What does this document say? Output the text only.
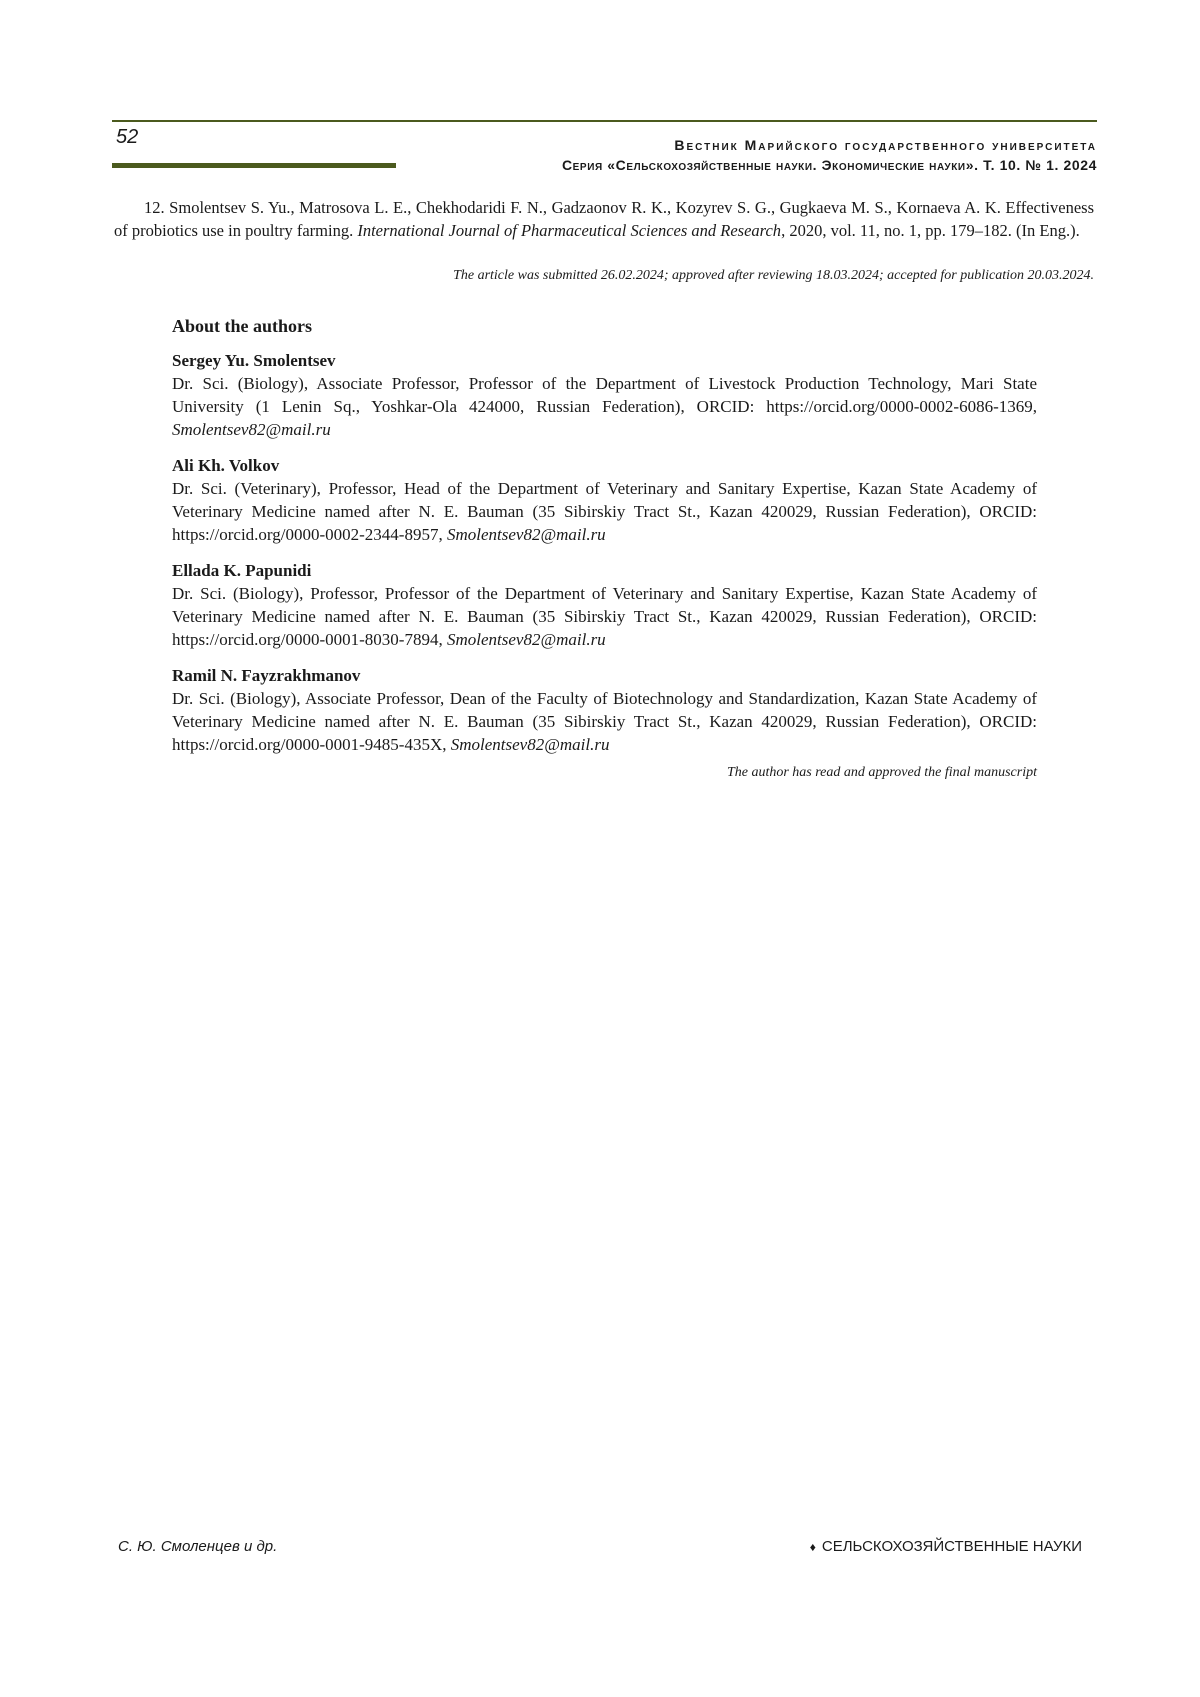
52	Вестник Марийского государственного университета
Серия «Сельскохозяйственные науки. Экономические науки». Т. 10. № 1. 2024
12. Smolentsev S. Yu., Matrosova L. E., Chekhodaridi F. N., Gadzaonov R. K., Kozyrev S. G., Gugkaeva M. S., Kornaeva A. K. Effectiveness of probiotics use in poultry farming. International Journal of Pharmaceutical Sciences and Research, 2020, vol. 11, no. 1, pp. 179–182. (In Eng.).
The article was submitted 26.02.2024; approved after reviewing 18.03.2024; accepted for publication 20.03.2024.
About the authors
Sergey Yu. Smolentsev
Dr. Sci. (Biology), Associate Professor, Professor of the Department of Livestock Production Technology, Mari State University (1 Lenin Sq., Yoshkar-Ola 424000, Russian Federation), ORCID: https://orcid.org/0000-0002-6086-1369, Smolentsev82@mail.ru
Ali Kh. Volkov
Dr. Sci. (Veterinary), Professor, Head of the Department of Veterinary and Sanitary Expertise, Kazan State Academy of Veterinary Medicine named after N. E. Bauman (35 Sibirskiy Tract St., Kazan 420029, Russian Federation), ORCID: https://orcid.org/0000-0002-2344-8957, Smolentsev82@mail.ru
Ellada K. Papunidi
Dr. Sci. (Biology), Professor, Professor of the Department of Veterinary and Sanitary Expertise, Kazan State Academy of Veterinary Medicine named after N. E. Bauman (35 Sibirskiy Tract St., Kazan 420029, Russian Federation), ORCID: https://orcid.org/0000-0001-8030-7894, Smolentsev82@mail.ru
Ramil N. Fayzrakhmanov
Dr. Sci. (Biology), Associate Professor, Dean of the Faculty of Biotechnology and Standardization, Kazan State Academy of Veterinary Medicine named after N. E. Bauman (35 Sibirskiy Tract St., Kazan 420029, Russian Federation), ORCID: https://orcid.org/0000-0001-9485-435X, Smolentsev82@mail.ru
The author has read and approved the final manuscript
С. Ю. Смоленцев и др.	♦ СЕЛЬСКОХОЗЯЙСТВЕННЫЕ НАУКИ
